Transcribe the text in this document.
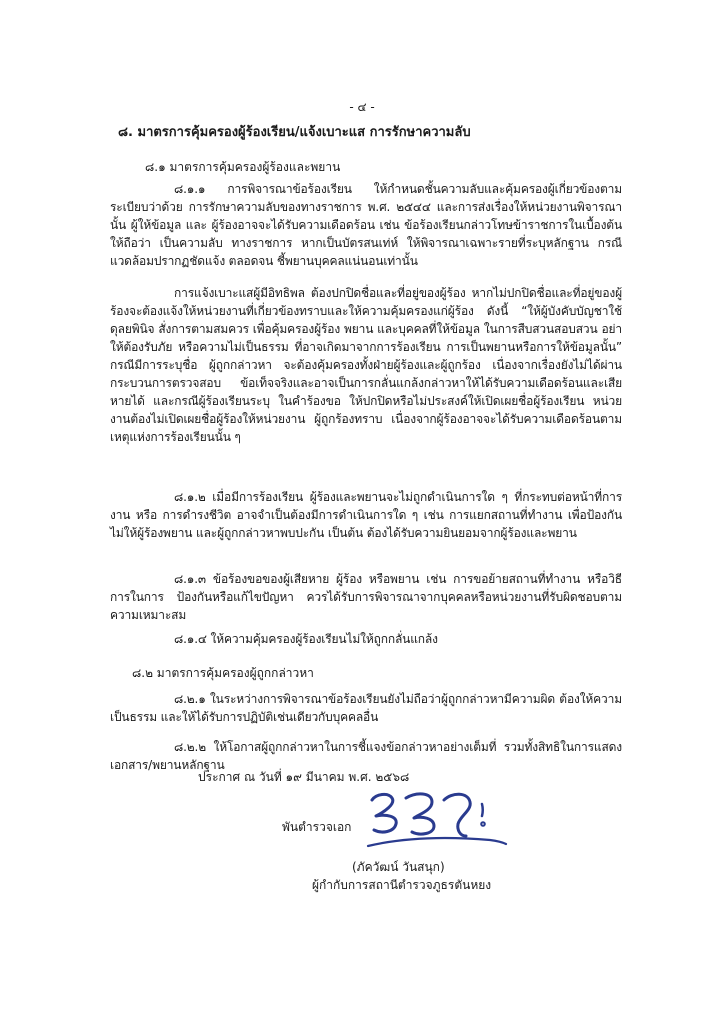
- ๔ -
๘. มาตรการคุ้มครองผู้ร้องเรียน/แจ้งเบาะแส การรักษาความลับ
๘.๑ มาตรการคุ้มครองผู้ร้องและพยาน

๘.๑.๑ การพิจารณาข้อร้องเรียน ให้กำหนดชั้นความลับและคุ้มครองผู้เกี่ยวข้องตามระเบียบว่าด้วย การรักษาความลับของทางราชการ พ.ศ. ๒๕๔๔ และการส่งเรื่องให้หน่วยงานพิจารณานั้น ผู้ให้ข้อมูล และ ผู้ร้องอาจจะได้รับความเดือดร้อน เช่น ข้อร้องเรียนกล่าวโทษข้าราชการในเบื้องต้น ให้ถือว่า เป็นความลับ ทางราชการ หากเป็นบัตรสนเท่ห์ ให้พิจารณาเฉพาะรายที่ระบุหลักฐาน กรณีแวดล้อมปรากฏชัดแจ้ง ตลอดจน ชี้พยานบุคคลแน่นอนเท่านั้น

การแจ้งเบาะแสผู้มีอิทธิพล ต้องปกปิดชื่อและที่อยู่ของผู้ร้อง หากไม่ปกปิดชื่อและที่อยู่ของผู้ร้องจะต้องแจ้งให้หน่วยงานที่เกี่ยวข้องทราบและให้ความคุ้มครองแก่ผู้ร้อง ดังนี้ “ให้ผู้บังคับบัญชาใช้ดุลยพินิจ สั่งการตามสมควร เพื่อคุ้มครองผู้ร้อง พยาน และบุคคลที่ให้ข้อมูล ในการสืบสวนสอบสวน อย่าให้ต้องรับภัย หรือความไม่เป็นธรรม ที่อาจเกิดมาจากการร้องเรียน การเป็นพยานหรือการให้ข้อมูลนั้น” กรณีมีการระบุชื่อ ผู้ถูกกล่าวหา จะต้องคุ้มครองทั้งฝ่ายผู้ร้องและผู้ถูกร้อง เนื่องจากเรื่องยังไม่ได้ผ่านกระบวนการตรวจสอบ ข้อเท็จจริงและอาจเป็นการกลั่นแกล้งกล่าวหาให้ได้รับความเดือดร้อนและเสียหายได้ และกรณีผู้ร้องเรียนระบุ ในคำร้องขอ ให้ปกปิดหรือไม่ประสงค์ให้เปิดเผยชื่อผู้ร้องเรียน หน่วยงานต้องไม่เปิดเผยชื่อผู้ร้องให้หน่วยงาน ผู้ถูกร้องทราบ เนื่องจากผู้ร้องอาจจะได้รับความเดือดร้อนตามเหตุแห่งการร้องเรียนนั้น ๆ

๘.๑.๒ เมื่อมีการร้องเรียน ผู้ร้องและพยานจะไม่ถูกดำเนินการใด ๆ ที่กระทบต่อหน้าที่การงาน หรือ การดำรงชีวิต อาจจำเป็นต้องมีการดำเนินการใด ๆ เช่น การแยกสถานที่ทำงาน เพื่อป้องกันไม่ให้ผู้ร้องพยาน และผู้ถูกกล่าวหาพบปะกัน เป็นต้น ต้องได้รับความยินยอมจากผู้ร้องและพยาน

๘.๑.๓ ข้อร้องขอของผู้เสียหาย ผู้ร้อง หรือพยาน เช่น การขอย้ายสถานที่ทำงาน หรือวิธีการในการ ป้องกันหรือแก้ไขปัญหา ควรได้รับการพิจารณาจากบุคคลหรือหน่วยงานที่รับผิดชอบตามความเหมาะสม

๘.๑.๔ ให้ความคุ้มครองผู้ร้องเรียนไม่ให้ถูกกลั่นแกล้ง

๘.๒ มาตรการคุ้มครองผู้ถูกกล่าวหา

๘.๒.๑ ในระหว่างการพิจารณาข้อร้องเรียนยังไม่ถือว่าผู้ถูกกล่าวหามีความผิด ต้องให้ความเป็นธรรม และให้ได้รับการปฏิบัติเช่นเดียวกับบุคคลอื่น

๘.๒.๒ ให้โอกาสผู้ถูกกล่าวหาในการชี้แจงข้อกล่าวหาอย่างเต็มที่ รวมทั้งสิทธิในการแสดงเอกสาร/พยานหลักฐาน

ประกาศ ณ วันที่ ๑๙ มีนาคม พ.ศ. ๒๕๖๘
พันตำรวจเอก
(ภัควัฒน์ วันสนุก)
ผู้กำกับการสถานีตำรวจภูธรตันหยง
